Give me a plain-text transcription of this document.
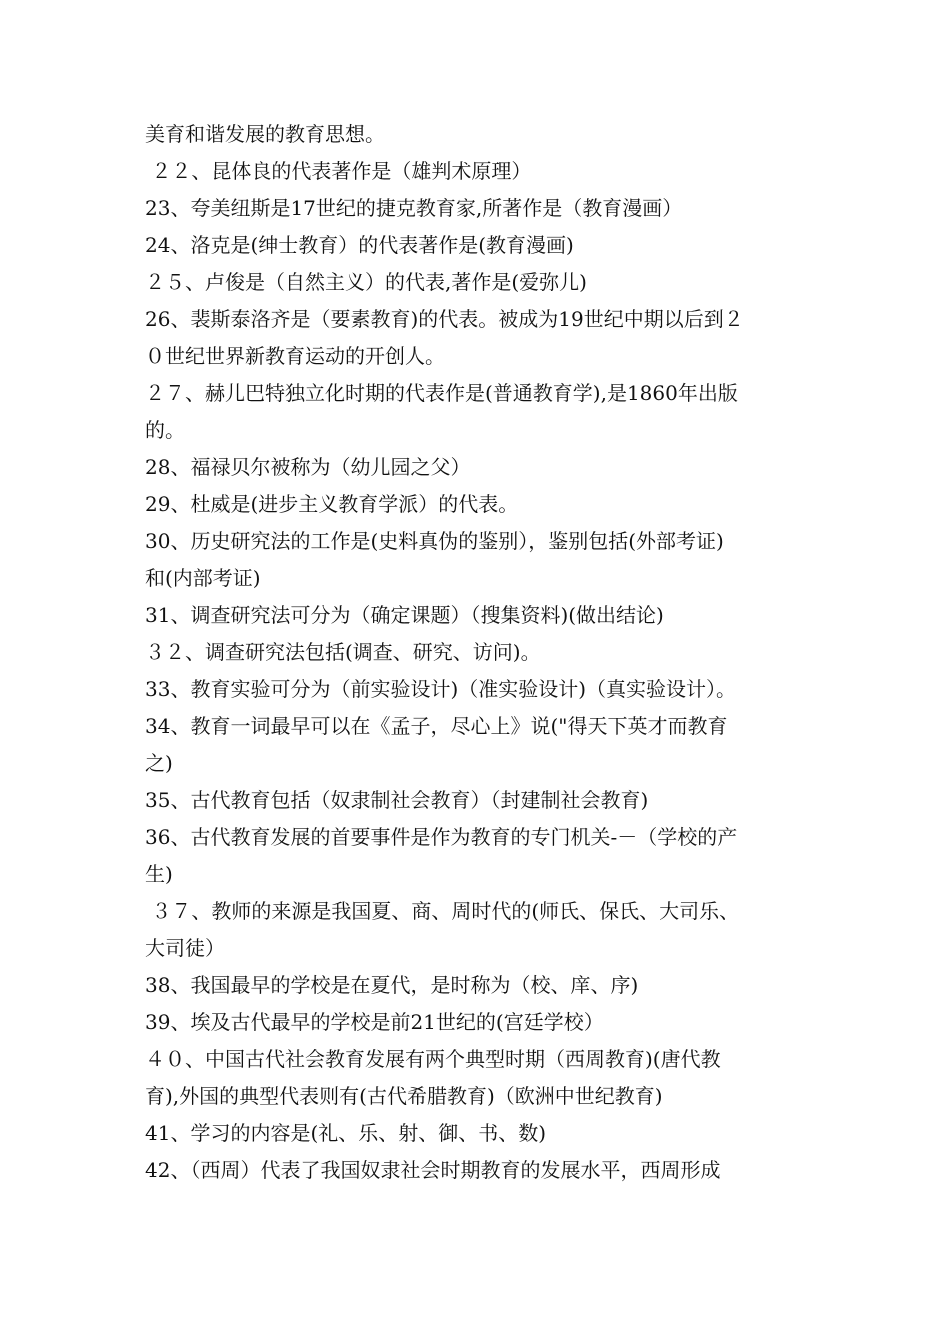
美育和谐发展的教育思想。

２２、昆体良的代表著作是（雄判术原理）

23、夸美纽斯是17世纪的捷克教育家,所著作是（教育漫画）

24、洛克是(绅士教育）的代表著作是(教育漫画)

２５、卢俊是（自然主义）的代表,著作是(爱弥儿)

26、裴斯泰洛齐是（要素教育)的代表。被成为19世纪中期以后到２

０世纪世界新教育运动的开创人。

２７、赫儿巴特独立化时期的代表作是(普通教育学),是1860年出版

的。

28、福禄贝尔被称为（幼儿园之父）

29、杜威是(进步主义教育学派）的代表。

30、历史研究法的工作是(史料真伪的鉴别），鉴别包括(外部考证)

和(内部考证)

31、调查研究法可分为（确定课题）（搜集资料)(做出结论)

３２、调查研究法包括(调查、研究、访问)。

33、教育实验可分为（前实验设计)（准实验设计)（真实验设计）。

34、教育一词最早可以在《孟子，尽心上》说("得天下英才而教育

之)

35、古代教育包括（奴隶制社会教育）（封建制社会教育)

36、古代教育发展的首要事件是作为教育的专门机关-－（学校的产

生)

３７、教师的来源是我国夏、商、周时代的(师氏、保氏、大司乐、

大司徒）

38、我国最早的学校是在夏代，是时称为（校、庠、序)

39、埃及古代最早的学校是前21世纪的(宫廷学校）

４０、中国古代社会教育发展有两个典型时期（西周教育)(唐代教

育),外国的典型代表则有(古代希腊教育)（欧洲中世纪教育)

41、学习的内容是(礼、乐、射、御、书、数)

42、（西周）代表了我国奴隶社会时期教育的发展水平，西周形成
